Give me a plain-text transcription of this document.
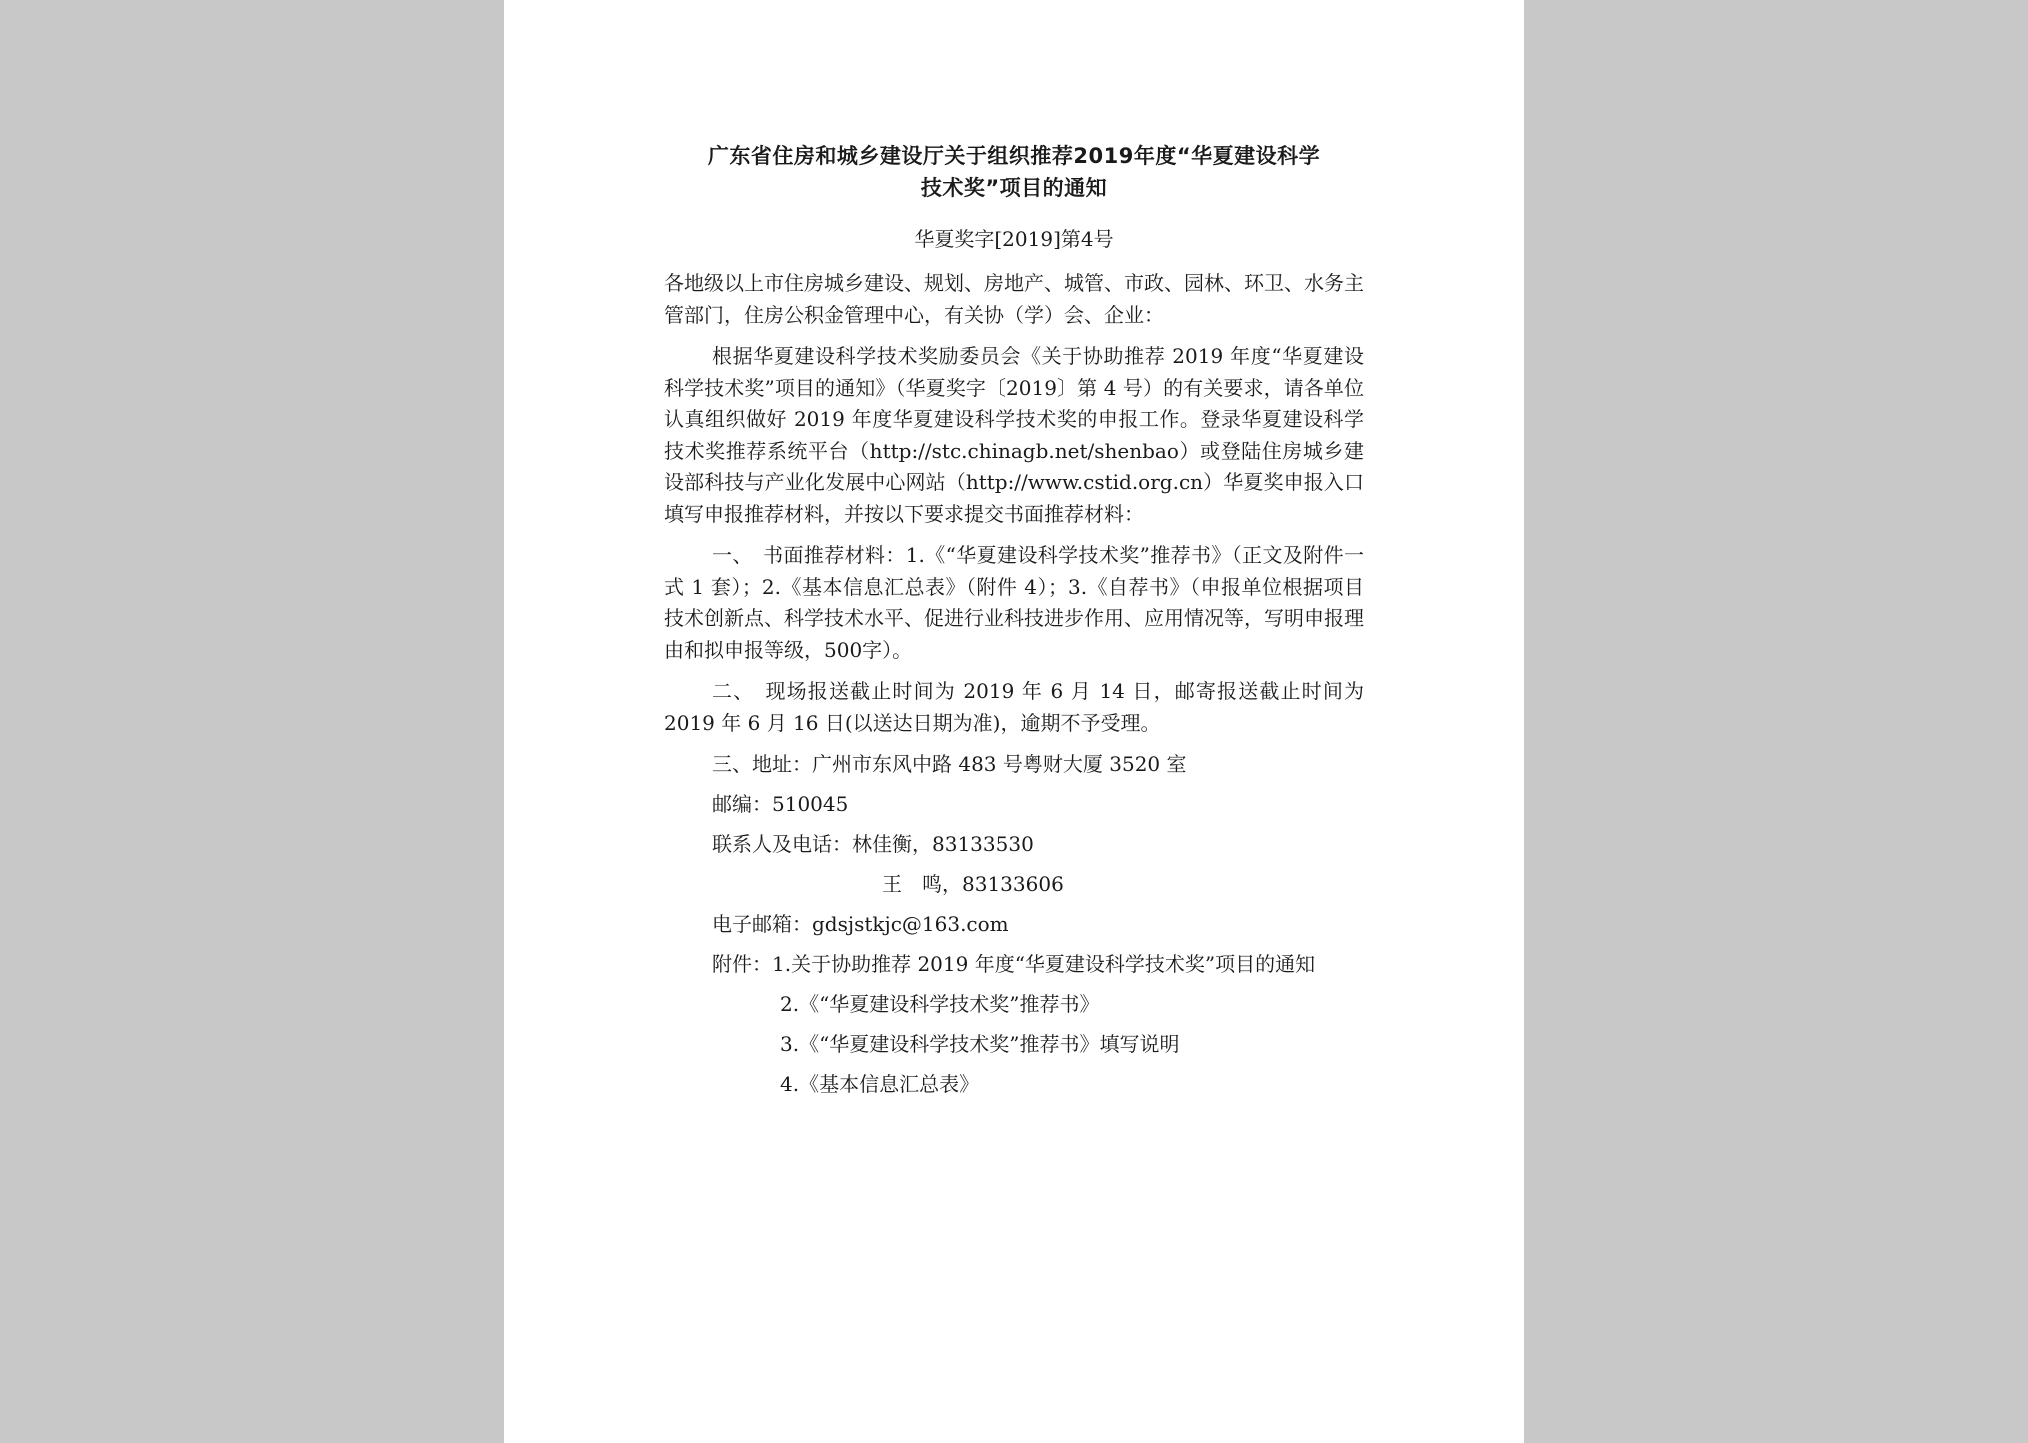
广东省住房和城乡建设厅关于组织推荐2019年度“华夏建设科学
技术奖”项目的通知
华夏奖字[2019]第4号

各地级以上市住房城乡建设、规划、房地产、城管、市政、园林、环卫、水务主管部门，住房公积金管理中心，有关协（学）会、企业：

根据华夏建设科学技术奖励委员会《关于协助推荐 2019 年度“华夏建设科学技术奖”项目的通知》（华夏奖字〔2019〕第 4 号）的有关要求，请各单位认真组织做好 2019 年度华夏建设科学技术奖的申报工作。登录华夏建设科学技术奖推荐系统平台（http://stc.chinagb.net/shenbao）或登陆住房城乡建设部科技与产业化发展中心网站（http://www.cstid.org.cn）华夏奖申报入口填写申报推荐材料，并按以下要求提交书面推荐材料：

一、　书面推荐材料：1.《“华夏建设科学技术奖”推荐书》（正文及附件一式 1 套）；2.《基本信息汇总表》（附件 4）；3.《自荐书》（申报单位根据项目技术创新点、科学技术水平、促进行业科技进步作用、应用情况等，写明申报理由和拟申报等级，500字）。

二、　现场报送截止时间为 2019 年 6 月 14 日，邮寄报送截止时间为 2019 年 6 月 16 日(以送达日期为准)，逾期不予受理。

三、地址：广州市东风中路 483 号粤财大厦 3520 室
邮编：510045
联系人及电话：林佳衡，83133530
王　鸣，83133606
电子邮箱：gdsjstkjc@163.com
附件： 1.关于协助推荐 2019 年度“华夏建设科学技术奖”项目的通知
2.《“华夏建设科学技术奖”推荐书》
3.《“华夏建设科学技术奖”推荐书》填写说明
4.《基本信息汇总表》
